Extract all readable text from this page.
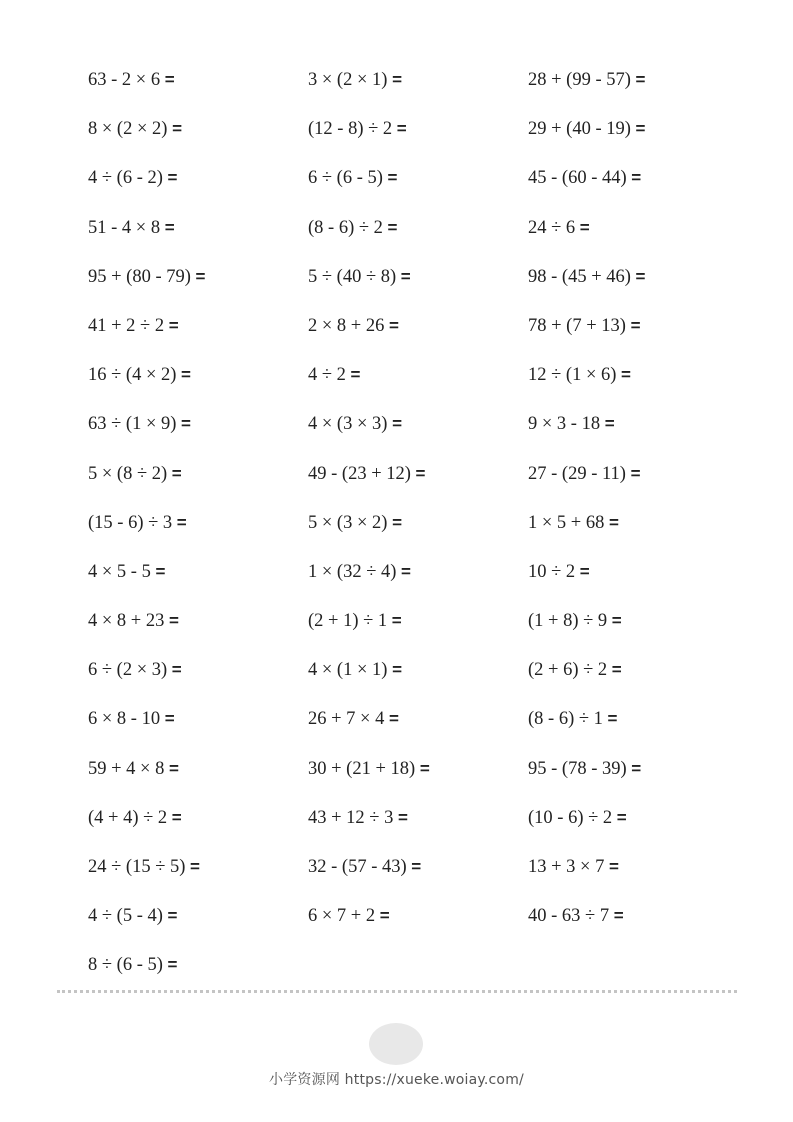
63 - 2 × 6 =	3 × (2 × 1) =	28 + (99 - 57) =
8 × (2 × 2) =	(12 - 8) ÷ 2 =	29 + (40 - 19) =
4 ÷ (6 - 2) =	6 ÷ (6 - 5) =	45 - (60 - 44) =
51 - 4 × 8 =	(8 - 6) ÷ 2 =	24 ÷ 6 =
95 + (80 - 79) =	5 ÷ (40 ÷ 8) =	98 - (45 + 46) =
41 + 2 ÷ 2 =	2 × 8 + 26 =	78 + (7 + 13) =
16 ÷ (4 × 2) =	4 ÷ 2 =	12 ÷ (1 × 6) =
63 ÷ (1 × 9) =	4 × (3 × 3) =	9 × 3 - 18 =
5 × (8 ÷ 2) =	49 - (23 + 12) =	27 - (29 - 11) =
(15 - 6) ÷ 3 =	5 × (3 × 2) =	1 × 5 + 68 =
4 × 5 - 5 =	1 × (32 ÷ 4) =	10 ÷ 2 =
4 × 8 + 23 =	(2 + 1) ÷ 1 =	(1 + 8) ÷ 9 =
6 ÷ (2 × 3) =	4 × (1 × 1) =	(2 + 6) ÷ 2 =
6 × 8 - 10 =	26 + 7 × 4 =	(8 - 6) ÷ 1 =
59 + 4 × 8 =	30 + (21 + 18) =	95 - (78 - 39) =
(4 + 4) ÷ 2 =	43 + 12 ÷ 3 =	(10 - 6) ÷ 2 =
24 ÷ (15 ÷ 5) =	32 - (57 - 43) =	13 + 3 × 7 =
4 ÷ (5 - 4) =	6 × 7 + 2 =	40 - 63 ÷ 7 =
8 ÷ (6 - 5) =
小学资源网 https://xueke.woiay.com/
